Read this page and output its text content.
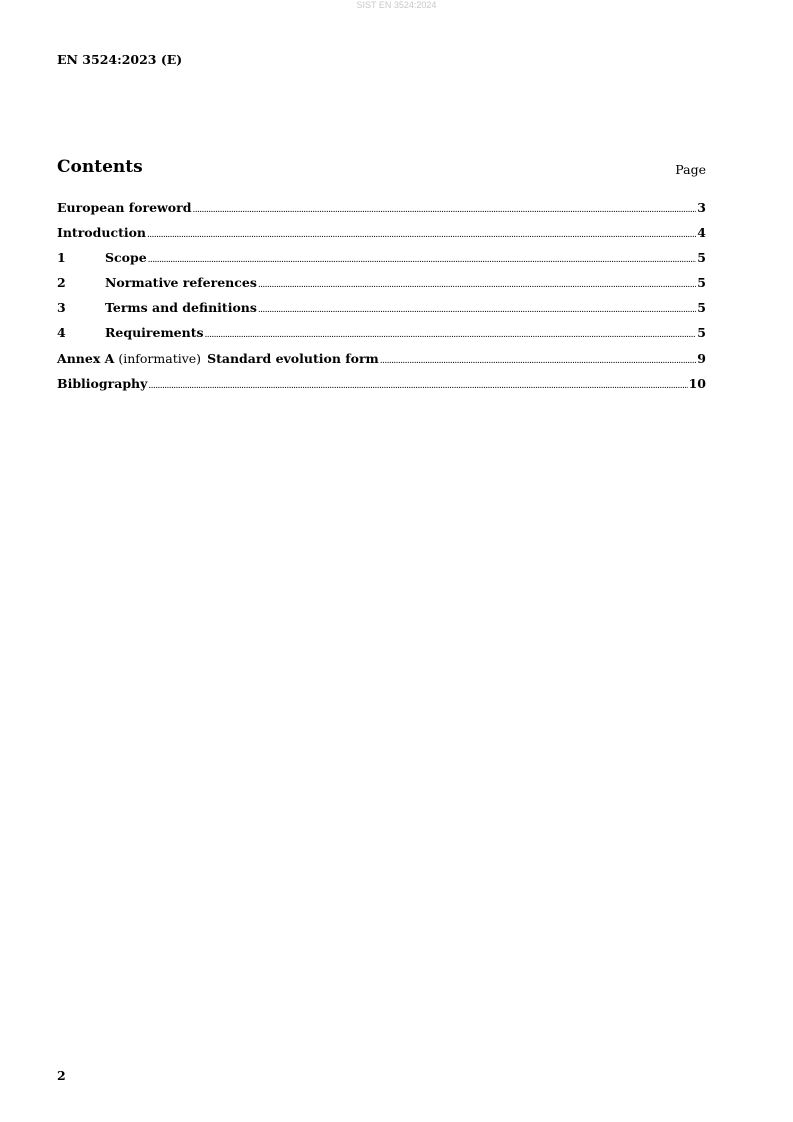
SIST EN 3524:2024
EN 3524:2023 (E)
Contents	Page
European foreword .....	3
Introduction .....	4
1	Scope .....	5
2	Normative references .....	5
3	Terms and definitions .....	5
4	Requirements .....	5
Annex A (informative) Standard evolution form .....	9
Bibliography .....	10
2
